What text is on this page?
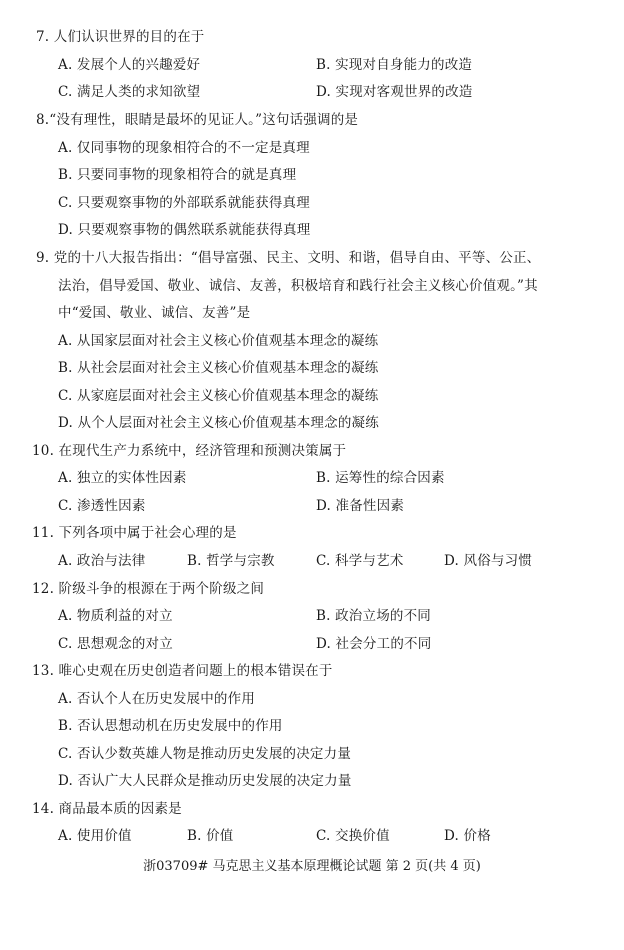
7. 人们认识世界的目的在于
A. 发展个人的兴趣爱好	B. 实现对自身能力的改造
C. 满足人类的求知欲望	D. 实现对客观世界的改造
8.“没有理性，眼睛是最坏的见证人。”这句话强调的是
A. 仅同事物的现象相符合的不一定是真理
B. 只要同事物的现象相符合的就是真理
C. 只要观察事物的外部联系就能获得真理
D. 只要观察事物的偶然联系就能获得真理
9. 党的十八大报告指出：“倡导富强、民主、文明、和谐，倡导自由、平等、公正、
法治，倡导爱国、敬业、诚信、友善，积极培育和践行社会主义核心价值观。”其
中“爱国、敬业、诚信、友善”是
A. 从国家层面对社会主义核心价值观基本理念的凝练
B. 从社会层面对社会主义核心价值观基本理念的凝练
C. 从家庭层面对社会主义核心价值观基本理念的凝练
D. 从个人层面对社会主义核心价值观基本理念的凝练
10. 在现代生产力系统中，经济管理和预测决策属于
A. 独立的实体性因素	B. 运筹性的综合因素
C. 渗透性因素	D. 准备性因素
11. 下列各项中属于社会心理的是
A. 政治与法律	B. 哲学与宗教	C. 科学与艺术	D. 风俗与习惯
12. 阶级斗争的根源在于两个阶级之间
A. 物质利益的对立	B. 政治立场的不同
C. 思想观念的对立	D. 社会分工的不同
13. 唯心史观在历史创造者问题上的根本错误在于
A. 否认个人在历史发展中的作用
B. 否认思想动机在历史发展中的作用
C. 否认少数英雄人物是推动历史发展的决定力量
D. 否认广大人民群众是推动历史发展的决定力量
14. 商品最本质的因素是
A. 使用价值	B. 价值	C. 交换价值	D. 价格
浙03709# 马克思主义基本原理概论试题 第 2 页(共 4 页)
